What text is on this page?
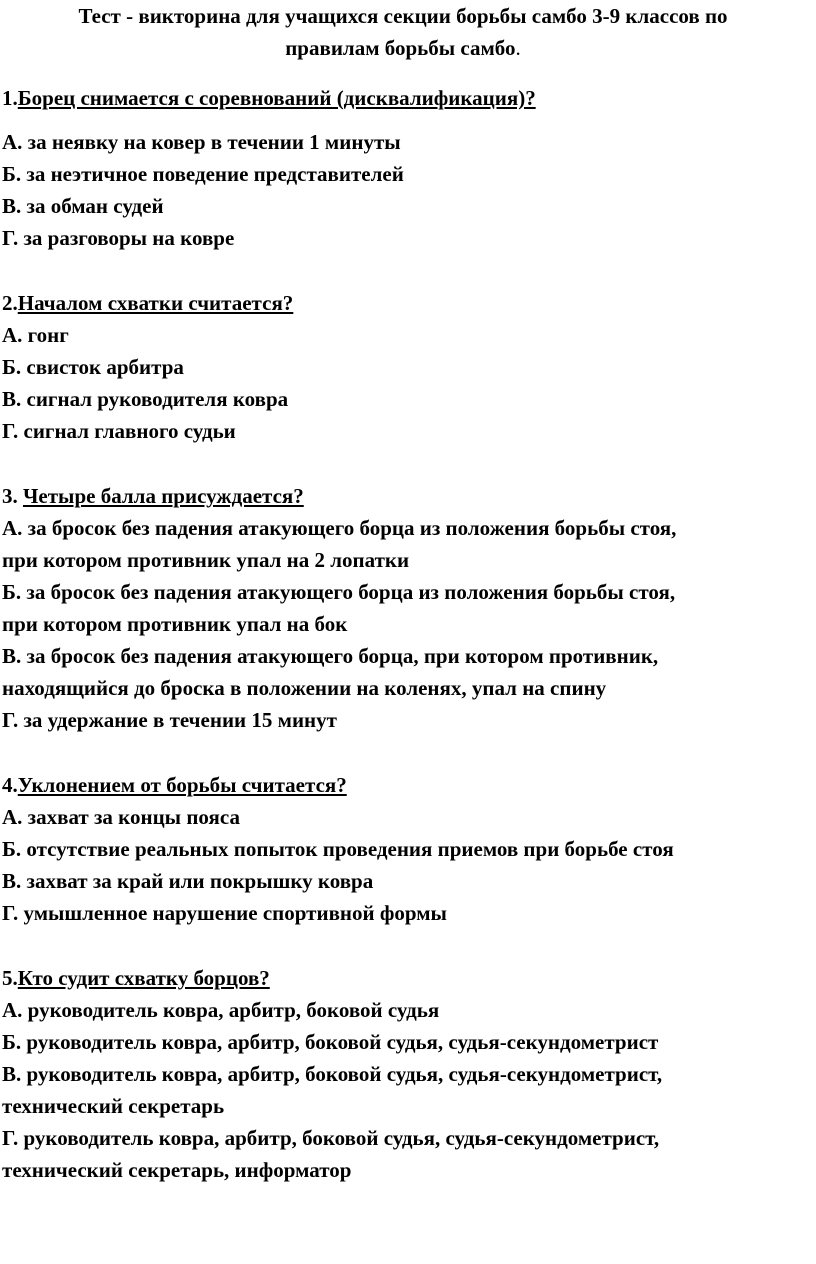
Тест - викторина для учащихся секции борьбы самбо 3-9 классов по
правилам борьбы самбо.
1.Борец снимается с соревнований (дисквалификация)?
А. за неявку на ковер в течении 1 минуты
Б. за неэтичное поведение представителей
В. за обман судей
Г. за разговоры на ковре
2.Началом схватки считается?
А. гонг
Б. свисток арбитра
В. сигнал руководителя ковра
Г. сигнал главного судьи
3. Четыре балла присуждается?
А. за бросок без падения атакующего борца из положения борьбы стоя,
при котором противник упал на 2 лопатки
Б. за бросок без падения атакующего борца из положения борьбы стоя,
при котором противник упал на бок
В. за бросок без падения атакующего борца, при котором противник,
находящийся до броска в положении на коленях, упал на спину
Г. за удержание в течении 15 минут
4.Уклонением от борьбы считается?
А. захват за концы пояса
Б. отсутствие реальных попыток проведения приемов при борьбе стоя
В. захват за край или покрышку ковра
Г. умышленное нарушение спортивной формы
5.Кто судит схватку борцов?
А. руководитель ковра, арбитр, боковой судья
Б. руководитель ковра, арбитр, боковой судья, судья-секундометрист
В. руководитель ковра, арбитр, боковой судья, судья-секундометрист,
технический секретарь
Г. руководитель ковра, арбитр, боковой судья, судья-секундометрист,
технический секретарь, информатор
